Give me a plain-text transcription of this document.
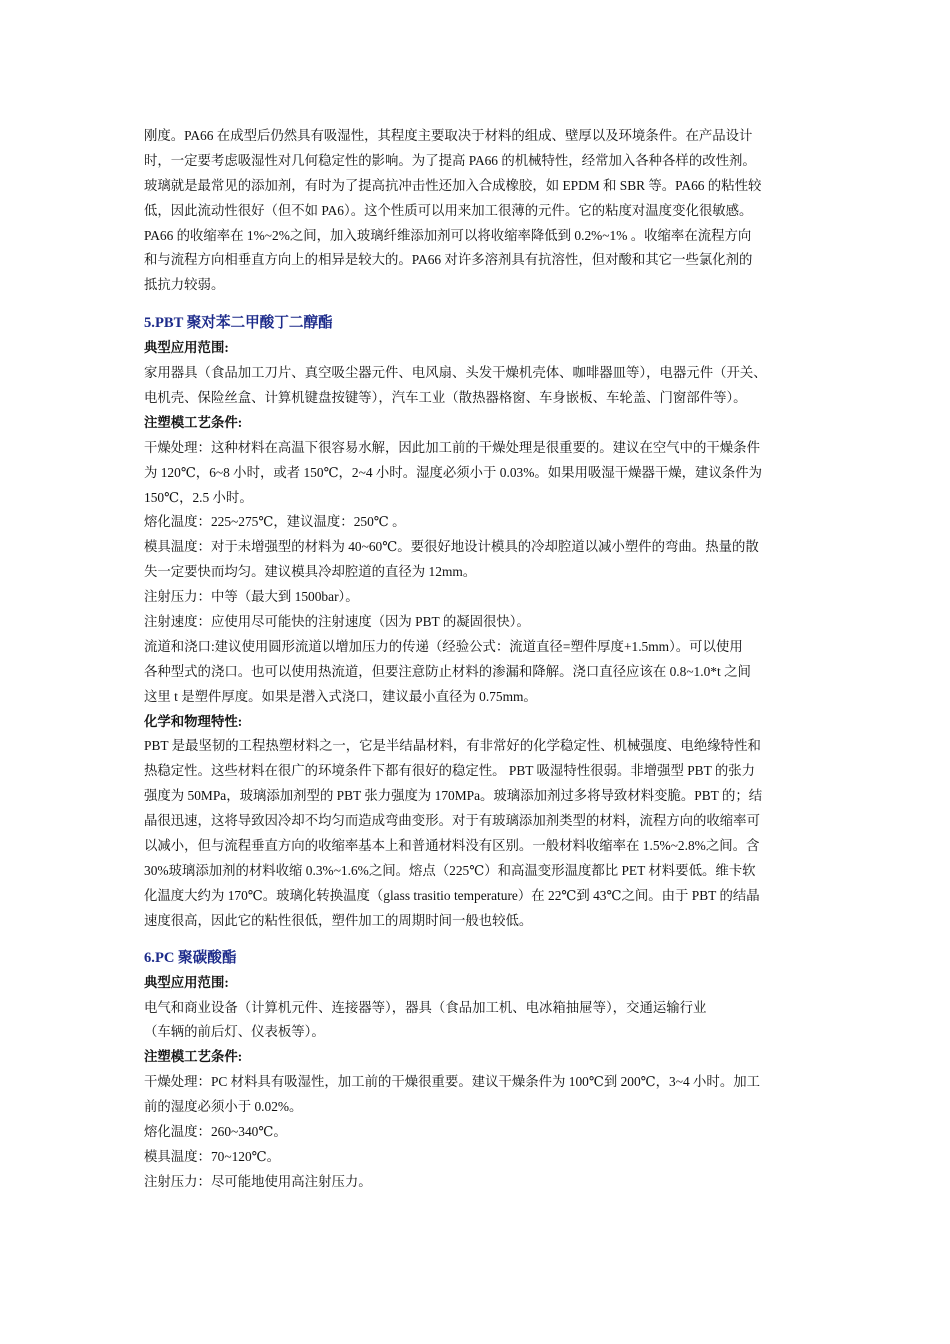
刚度。PA66 在成型后仍然具有吸湿性，其程度主要取决于材料的组成、壁厚以及环境条件。在产品设计
时，一定要考虑吸湿性对几何稳定性的影响。为了提高 PA66 的机械特性，经常加入各种各样的改性剂。
玻璃就是最常见的添加剂，有时为了提高抗冲击性还加入合成橡胶，如 EPDM 和 SBR 等。PA66 的粘性较
低，因此流动性很好（但不如 PA6）。这个性质可以用来加工很薄的元件。它的粘度对温度变化很敏感。
PA66 的收缩率在 1%~2%之间，加入玻璃纤维添加剂可以将收缩率降低到 0.2%~1% 。收缩率在流程方向
和与流程方向相垂直方向上的相异是较大的。PA66 对许多溶剂具有抗溶性，但对酸和其它一些氯化剂的
抵抗力较弱。
5.PBT 聚对苯二甲酸丁二醇酯
典型应用范围:
家用器具（食品加工刀片、真空吸尘器元件、电风扇、头发干燥机壳体、咖啡器皿等），电器元件（开关、
电机壳、保险丝盒、计算机键盘按键等），汽车工业（散热器格窗、车身嵌板、车轮盖、门窗部件等）。
注塑模工艺条件:
干燥处理：这种材料在高温下很容易水解，因此加工前的干燥处理是很重要的。建议在空气中的干燥条件
为 120℃，6~8 小时，或者 150℃，2~4 小时。湿度必须小于 0.03%。如果用吸湿干燥器干燥，建议条件为
150℃，2.5 小时。
熔化温度：225~275℃，建议温度：250℃ 。
模具温度：对于未增强型的材料为 40~60℃。要很好地设计模具的冷却腔道以减小塑件的弯曲。热量的散
失一定要快而均匀。建议模具冷却腔道的直径为 12mm。
注射压力：中等（最大到 1500bar）。
注射速度：应使用尽可能快的注射速度（因为 PBT 的凝固很快）。
流道和浇口:建议使用圆形流道以增加压力的传递（经验公式：流道直径=塑件厚度+1.5mm）。可以使用
各种型式的浇口。也可以使用热流道，但要注意防止材料的渗漏和降解。浇口直径应该在 0.8~1.0*t 之间
这里 t 是塑件厚度。如果是潜入式浇口，建议最小直径为 0.75mm。
化学和物理特性:
PBT 是最坚韧的工程热塑材料之一，它是半结晶材料，有非常好的化学稳定性、机械强度、电绝缘特性和
热稳定性。这些材料在很广的环境条件下都有很好的稳定性。 PBT 吸湿特性很弱。非增强型 PBT 的张力
强度为 50MPa，玻璃添加剂型的 PBT 张力强度为 170MPa。玻璃添加剂过多将导致材料变脆。PBT 的；结
晶很迅速，这将导致因冷却不均匀而造成弯曲变形。对于有玻璃添加剂类型的材料，流程方向的收缩率可
以减小，但与流程垂直方向的收缩率基本上和普通材料没有区别。一般材料收缩率在 1.5%~2.8%之间。含
30%玻璃添加剂的材料收缩 0.3%~1.6%之间。熔点（225℃）和高温变形温度都比 PET 材料要低。维卡软
化温度大约为 170℃。玻璃化转换温度（glass trasitio temperature）在 22℃到 43℃之间。由于 PBT 的结晶
速度很高，因此它的粘性很低，塑件加工的周期时间一般也较低。
6.PC 聚碳酸酯
典型应用范围:
电气和商业设备（计算机元件、连接器等），器具（食品加工机、电冰箱抽屉等），交通运输行业
（车辆的前后灯、仪表板等）。
注塑模工艺条件:
干燥处理：PC 材料具有吸湿性，加工前的干燥很重要。建议干燥条件为 100℃到 200℃，3~4 小时。加工
前的湿度必须小于 0.02%。
熔化温度：260~340℃。
模具温度：70~120℃。
注射压力：尽可能地使用高注射压力。
